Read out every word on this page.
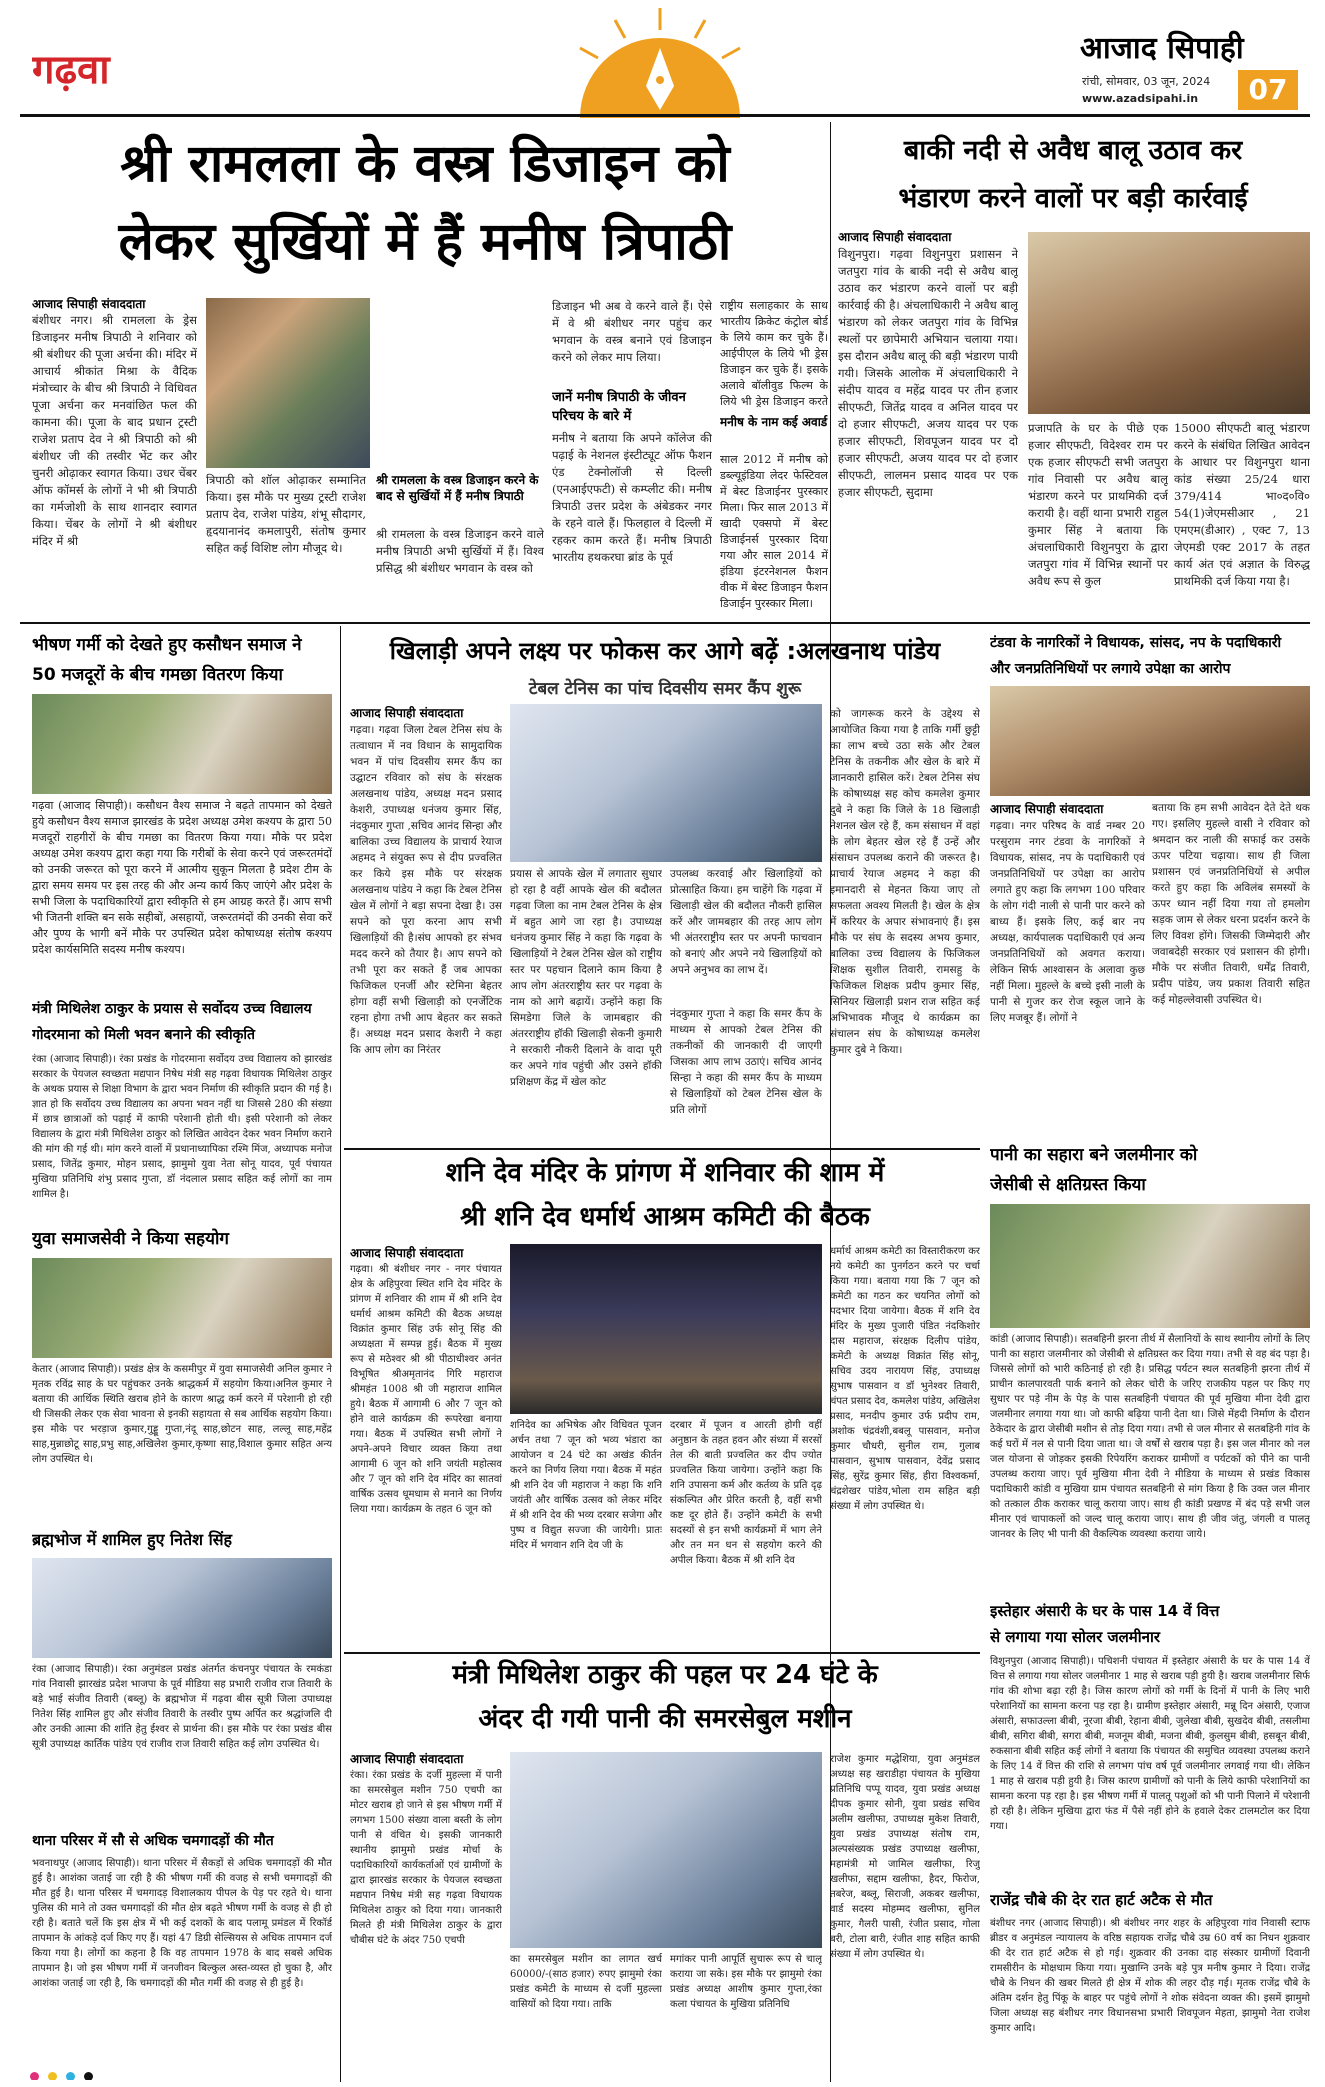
गढ़वा	आजाद सिपाही
रांची, सोमवार, 03 जून, 2024
www.azadsipahi.in	07
श्री रामलला के वस्त्र डिजाइन को
लेकर सुर्खियों में हैं मनीष त्रिपाठी
आजाद सिपाही संवाददाता
बंशीधर नगर। श्री रामलला के ड्रेस डिजाइनर मनीष त्रिपाठी ने शनिवार को श्री बंशीधर की पूजा अर्चना की। मंदिर में आचार्य श्रीकांत मिश्रा के वैदिक मंत्रोच्चार के बीच श्री त्रिपाठी ने विधिवत पूजा अर्चना कर मनवांछित फल की कामना की। पूजा के बाद प्रधान ट्रस्टी राजेश प्रताप देव ने श्री त्रिपाठी को श्री बंशीधर जी की तस्वीर भेंट कर और चुनरी ओढ़ाकर स्वागत किया। उधर चेंबर ऑफ कॉमर्स के लोगों ने भी श्री त्रिपाठी का गर्मजोशी के साथ शानदार स्वागत किया। चेंबर के लोगों ने श्री बंशीधर मंदिर में श्री
त्रिपाठी को शॉल ओढ़ाकर सम्मानित किया। इस मौके पर मुख्य ट्रस्टी राजेश प्रताप देव, राजेश पांडेय, शंभू सौदागर, हृदयानानंद कमलापुरी, संतोष कुमार सहित कई विशिष्ट लोग मौजूद थे।
श्री रामलला के वस्त्र डिजाइन करने के बाद से सुर्खियों में हैं मनीष त्रिपाठी
श्री रामलला के वस्त्र डिजाइन करने वाले मनीष त्रिपाठी अभी सुर्खियों में हैं। विश्व प्रसिद्ध श्री बंशीधर भगवान के वस्त्र को
डिजाइन भी अब वे करने वाले हैं। ऐसे में वे श्री बंशीधर नगर पहुंच कर भगवान के वस्त्र बनाने एवं डिजाइन करने को लेकर माप लिया।
जानें मनीष त्रिपाठी के जीवन परिचय के बारे में
मनीष ने बताया कि अपने कॉलेज की पढ़ाई के नेशनल इंस्टीट्यूट ऑफ फैशन एंड टेक्नोलॉजी से दिल्ली (एनआईएफटी) से कम्प्लीट की। मनीष त्रिपाठी उत्तर प्रदेश के अंबेडकर नगर के रहने वाले हैं। फिलहाल वे दिल्ली में रहकर काम करते हैं। मनीष त्रिपाठी भारतीय हथकरघा ब्रांड के पूर्व
राष्ट्रीय सलाहकार के साथ भारतीय क्रिकेट कंट्रोल बोर्ड के लिये काम कर चुके हैं। आईपीएल के लिये भी ड्रेस डिजाइन कर चुके हैं। इसके अलावे बॉलीवुड फिल्म के लिये भी ड्रेस डिजाइन करते
मनीष के नाम कई अवार्ड
साल 2012 में मनीष को डब्ल्यूइंडिया लेदर फेस्टिवल में बेस्ट डिजाईनर पुरस्कार मिला। फिर साल 2013 में खादी एक्सपो में बेस्ट डिजाईनर्स पुरस्कार दिया गया और साल 2014 में इंडिया इंटरनेशनल फैशन वीक में बेस्ट डिजाइन फैशन डिजाईन पुरस्कार मिला।
बाकी नदी से अवैध बालू उठाव कर
भंडारण करने वालों पर बड़ी कार्रवाई
आजाद सिपाही संवाददाता
विशुनपुरा। गढ़वा विशुनपुरा प्रशासन ने जतपुरा गांव के बाकी नदी से अवैध बालू उठाव कर भंडारण करने वालों पर बड़ी कार्रवाई की है। अंचलाधिकारी ने अवैध बालू भंडारण को लेकर जतपुरा गांव के विभिन्न स्थलों पर छापेमारी अभियान चलाया गया। इस दौरान अवैध बालू की बड़ी भंडारण पायी गयी। जिसके आलोक में अंचलाधिकारी ने संदीप यादव व महेंद्र यादव पर तीन हजार सीएफटी, जितेंद्र यादव व अनिल यादव पर दो हजार सीएफटी, अजय यादव पर एक हजार सीएफटी, शिवपूजन यादव पर दो हजार सीएफटी, अजय यादव पर दो हजार सीएफटी, लालमन प्रसाद यादव पर एक हजार सीएफटी, सुदामा
प्रजापति के घर के पीछे एक हजार सीएफटी, विदेश्वर राम पर एक हजार सीएफटी सभी जतपुरा गांव निवासी पर अवैध बालू भंडारण करने पर प्राथमिकी दर्ज करायी है। वहीं थाना प्रभारी राहुल कुमार सिंह ने बताया कि अंचलाधिकारी विशुनपुरा के द्वारा जतपुरा गांव में विभिन्न स्थानों पर अवैध रूप से कुल
15000 सीएफटी बालू भंडारण करने के संबंधित लिखित आवेदन के आधार पर विशुनपुरा थाना कांड संख्या 25/24 धारा 379/414 भा०द०वि० 54(1)जेएमसीआर , 21 एमएम(डीआर) , एक्ट 7, 13 जेएमडी एक्ट 2017 के तहत कार्य अंत एवं अज्ञात के विरुद्ध प्राथमिकी दर्ज किया गया है।
भीषण गर्मी को देखते हुए कसौधन समाज ने
50 मजदूरों के बीच गमछा वितरण किया
गढ़वा (आजाद सिपाही)। कसौधन वैश्य समाज ने बढ़ते तापमान को देखते हुये कसौधन वैश्य समाज झारखंड के प्रदेश अध्यक्ष उमेश कश्यप के द्वारा 50 मजदूरों राहगीरों के बीच गमछा का वितरण किया गया। मौके पर प्रदेश अध्यक्ष उमेश कश्यप द्वारा कहा गया कि गरीबों के सेवा करने एवं जरूरतमंदों को उनकी जरूरत को पूरा करने में आत्मीय सुकून मिलता है प्रदेश टीम के द्वारा समय समय पर इस तरह की और अन्य कार्य किए जाएंगे और प्रदेश के सभी जिला के पदाधिकारियों द्वारा स्वीकृति से हम आग्रह करते हैं। आप सभी भी जितनी शक्ति बन सके सहीबों, असहायों, जरूरतमंदों की उनकी सेवा करें और पुण्य के भागी बनें मौके पर उपस्थित प्रदेश कोषाध्यक्ष संतोष कश्यप प्रदेश कार्यसमिति सदस्य मनीष कश्यप।
खिलाड़ी अपने लक्ष्य पर फोकस कर आगे बढ़ें :अलखनाथ पांडेय
टेबल टेनिस का पांच दिवसीय समर कैंप शुरू
आजाद सिपाही संवाददाता
गढ़वा। गढ़वा जिला टेबल टेनिस संघ के तत्वाधान में नव विधान के सामुदायिक भवन में पांच दिवसीय समर कैंप का उद्घाटन रविवार को संघ के संरक्षक अलखनाथ पांडेय, अध्यक्ष मदन प्रसाद केशरी, उपाध्यक्ष धनंजय कुमार सिंह, नंदकुमार गुप्ता ,सचिव आनंद सिन्हा और बालिका उच्च विद्यालय के प्राचार्य रेयाज अहमद ने संयुक्त रूप से दीप प्रज्वलित कर किये इस मौके पर संरक्षक अलखनाथ पांडेय ने कहा कि टेबल टेनिस खेल में लोगों ने बड़ा सपना देखा है। उस सपने को पूरा करना आप सभी खिलाड़ियों की है।संघ आपको हर संभव मदद करने को तैयार है। आप सपने को तभी पूरा कर सकते हैं जब आपका फिजिकल एनर्जी और स्टेमिना बेहतर होगा वहीं सभी खिलाड़ी को एनर्जेटिक रहना होगा तभी आप बेहतर कर सकते हैं। अध्यक्ष मदन प्रसाद केशरी ने कहा कि आप लोग का निरंतर
प्रयास से आपके खेल में लगातार सुधार हो रहा है वहीं आपके खेल की बदौलत गढ़वा जिला का नाम टेबल टेनिस के क्षेत्र में बहुत आगे जा रहा है। उपाध्यक्ष धनंजय कुमार सिंह ने कहा कि गढ़वा के खिलाड़ियों ने टेबल टेनिस खेल को राष्ट्रीय स्तर पर पहचान दिलाने काम किया है आप लोग अंतरराष्ट्रीय स्तर पर गढ़वा के नाम को आगे बढ़ायें। उन्होंने कहा कि सिमडेगा जिले के जामबहार की अंतरराष्ट्रीय हॉकी खिलाड़ी सेकनी कुमारी ने सरकारी नौकरी दिलाने के वादा पूरी कर अपने गांव पहुंची और उसने हॉकी प्रशिक्षण केंद्र में खेल कोट
उपलब्ध करवाई और खिलाड़ियों को प्रोत्साहित किया। हम चाहेंगे कि गढ़वा में खिलाड़ी खेल की बदौलत नौकरी हासिल करें और जामबहार की तरह आप लोग भी अंतरराष्ट्रीय स्तर पर अपनी फाचवान को बनाएं और अपने नये खिलाड़ियों को अपने अनुभव का लाभ दें।
नंदकुमार गुप्ता ने कहा कि समर कैंप के माध्यम से आपको टेबल टेनिस की तकनीकों की जानकारी दी जाएगी जिसका आप लाभ उठाएं। सचिव आनंद सिन्हा ने कहा की समर कैंप के माध्यम से खिलाड़ियों को टेबल टेनिस खेल के प्रति लोगों
को जागरूक करने के उद्देश्य से आयोजित किया गया है ताकि गर्मी छुट्टी का लाभ बच्चे उठा सके और टेबल टेनिस के तकनीक और खेल के बारे में जानकारी हासिल करें। टेबल टेनिस संघ के कोषाध्यक्ष सह कोच कमलेश कुमार दुबे ने कहा कि जिले के 18 खिलाड़ी नेशनल खेल रहे हैं, कम संसाधन में वहां के लोग बेहतर खेल रहे हैं उन्हें और संसाधन उपलब्ध कराने की जरूरत है। प्राचार्य रेयाज अहमद ने कहा की इमानदारी से मेहनत किया जाए तो सफलता अवश्य मिलती है। खेल के क्षेत्र में करियर के अपार संभावनाएं हैं। इस मौके पर संघ के सदस्य अभय कुमार, बालिका उच्च विद्यालय के फिजिकल शिक्षक सुशील तिवारी, रामसहु के फिजिकल शिक्षक प्रदीप कुमार सिंह, सिनियर खिलाड़ी प्रशन राज सहित कई अभिभावक मौजूद थे कार्यक्रम का संचालन संघ के कोषाध्यक्ष कमलेश कुमार दुबे ने किया।
टंडवा के नागरिकों ने विधायक, सांसद, नप के पदाधिकारी
और जनप्रतिनिधियों पर लगाये उपेक्षा का आरोप
आजाद सिपाही संवाददाता
गढ़वा। नगर परिषद के वार्ड नम्बर 20 परसुराम नगर टंडवा के नागरिकों ने विधायक, सांसद, नप के पदाधिकारी एवं जनप्रतिनिधियों पर उपेक्षा का आरोप लगाते हुए कहा कि लगभग 100 परिवार के लोग गंदी नाली से पानी पार करने को बाध्य हैं। इसके लिए, कई बार नप अध्यक्ष, कार्यपालक पदाधिकारी एवं अन्य जनप्रतिनिधियों को अवगत कराया। लेकिन सिर्फ आश्वासन के अलावा कुछ नहीं मिला। मुहल्ले के बच्चे इसी नाली के पानी से गुजर कर रोज स्कूल जाने के लिए मजबूर हैं। लोगों ने
बताया कि हम सभी आवेदन देते देते थक गए। इसलिए मुहल्ले वासी ने रविवार को श्रमदान कर नाली की सफाई कर उसके ऊपर पटिया चढ़ाया। साथ ही जिला प्रशासन एवं जनप्रतिनिधियों से अपील करते हुए कहा कि अविलंब समस्यों के ऊपर ध्यान नहीं दिया गया तो हमलोग सड़क जाम से लेकर धरना प्रदर्शन करने के लिए विवश होंगे। जिसकी जिम्मेदारी और जवाबदेही सरकार एवं प्रशासन की होगी।मौके पर संजीत तिवारी, धर्मेंद्र तिवारी, प्रदीप पांडेय, जय प्रकाश तिवारी सहित कई मोहल्लेवासी उपस्थित थे।
मंत्री मिथिलेश ठाकुर के प्रयास से सर्वोदय उच्च विद्यालय
गोदरमाना को मिली भवन बनाने की स्वीकृति
रंका (आजाद सिपाही)। रंका प्रखंड के गोदरमाना सर्वोदय उच्च विद्यालय को झारखंड सरकार के पेयजल स्वच्छता मद्यपान निषेध मंत्री सह गढ़वा विधायक मिथिलेश ठाकुर के अथक प्रयास से शिक्षा विभाग के द्वारा भवन निर्माण की स्वीकृति प्रदान की गई है। ज्ञात हो कि सर्वोदय उच्च विद्यालय का अपना भवन नहीं था जिससे 280 की संख्या में छात्र छात्राओं को पढ़ाई में काफी परेशानी होती थी। इसी परेशानी को लेकर विद्यालय के द्वारा मंत्री मिथिलेश ठाकुर को लिखित आवेदन देकर भवन निर्माण कराने की मांग की गई थी। मांग करने वालों में प्रधानाध्यापिका रश्मि मिंज, अध्यापक मनोज प्रसाद, जितेंद्र कुमार, मोहन प्रसाद, झामुमो युवा नेता सोनू यादव, पूर्व पंचायत मुखिया प्रतिनिधि शंभु प्रसाद गुप्ता, डॉ नंदलाल प्रसाद सहित कई लोगों का नाम शामिल है।
युवा समाजसेवी ने किया सहयोग
केतार (आजाद सिपाही)। प्रखंड क्षेत्र के कसमीपुर में युवा समाजसेवी अनिल कुमार ने मृतक रविंद्र साह के घर पहुंचकर उनके श्राद्धकर्म में सहयोग किया।अनिल कुमार ने बताया की आर्थिक स्थिति खराब होने के कारण श्राद्ध कर्म करने में परेशानी हो रही थी जिसकी लेकर एक सेवा भावना से इनकी सहायता से सब आर्थिक सहयोग किया। इस मौके पर भरड़ाज कुमार,गुड्डू गुप्ता,नंदू साह,छोटन साह, लल्लू साह,महेंद्र साह,मुन्नाछोटू साह,प्रभु साह,अखिलेश कुमार,कृष्णा साह,विशाल कुमार सहित अन्य लोग उपस्थित थे।
ब्रह्मभोज में शामिल हुए नितेश सिंह
रंका (आजाद सिपाही)। रंका अनुमंडल प्रखंड अंतर्गत कंचनपुर पंचायत के रमकंडा गांव निवासी झारखंड प्रदेश भाजपा के पूर्व मीडिया सह प्रभारी राजीव राज तिवारी के बड़े भाई संजीव तिवारी (बब्लू) के ब्रह्मभोज में गढ़वा बीस सूत्री जिला उपाध्यक्ष नितेश सिंह शामिल हुए और संजीव तिवारी के तस्वीर पुष्प अर्पित कर श्रद्धांजलि दी और उनकी आत्मा की शांति हेतु ईश्वर से प्रार्थना की। इस मौके पर रंका प्रखंड बीस सूत्री उपाध्यक्ष कार्तिक पांडेय एवं राजीव राज तिवारी सहित कई लोग उपस्थित थे।
थाना परिसर में सौ से अधिक चमगादड़ों की मौत
भवनाथपुर (आजाद सिपाही)। थाना परिसर में सैकड़ों से अधिक चमगादड़ों की मौत हुई है। आशंका जताई जा रही है की भीषण गर्मी की वजह से सभी चमगादड़ों की मौत हुई है। थाना परिसर में चमगादड़ विशालकाय पीपल के पेड़ पर रहते थे। थाना पुलिस की माने तो उक्त चमगादड़ों की मौत क्षेत्र बढ़ते भीषण गर्मी के वजह से ही हो रही है। बताते चलें कि इस क्षेत्र में भी कई दशकों के बाद पलामू प्रमंडल में रिकॉर्ड तापमान के आंकड़े दर्ज किए गए हैं। यहां 47 डिग्री सेल्सियस से अधिक तापमान दर्ज किया गया है। लोगों का कहना है कि वह तापमान 1978 के बाद सबसे अधिक तापमान है। जो इस भीषण गर्मी में जनजीवन बिल्कुल अस्त-व्यस्त हो चुका है, और आशंका जताई जा रही है, कि चमगादड़ों की मौत गर्मी की वजह से ही हुई है।
शनि देव मंदिर के प्रांगण में शनिवार की शाम में
श्री शनि देव धर्मार्थ आश्रम कमिटी की बैठक
आजाद सिपाही संवाददाता
गढ़वा। श्री बंशीधर नगर - नगर पंचायत क्षेत्र के अहिपुरवा स्थित शनि देव मंदिर के प्रांगण में शनिवार की शाम में श्री शनि देव धर्मार्थ आश्रम कमिटी की बैठक अध्यक्ष विक्रांत कुमार सिंह उर्फ सोनू सिंह की अध्यक्षता में सम्पन्न हुई। बैठक में मुख्य रूप से मठेश्वर श्री श्री पीठाधीश्वर अनंत विभूषित श्रीअमृतानंद गिरि महाराज श्रीमहंत 1008 श्री जी महाराज शामिल हुये। बैठक में आगामी 6 और 7 जून को होने वाले कार्यक्रम की रूपरेखा बनाया गया। बैठक में उपस्थित सभी लोगों ने अपने-अपने विचार व्यक्त किया तथा आगामी 6 जून को शनि जयंती महोत्सव और 7 जून को शनि देव मंदिर का सातवां वार्षिक उत्सव धूमधाम से मनाने का निर्णय लिया गया। कार्यक्रम के तहत 6 जून को
शनिदेव का अभिषेक और विधिवत पूजन अर्चन तथा 7 जून को भव्य भंडारा का आयोजन व 24 घंटे का अखंड कीर्तन करने का निर्णय लिया गया। बैठक में महंत श्री शनि देव जी महाराज ने कहा कि शनि जयंती और वार्षिक उत्सव को लेकर मंदिर में श्री शनि देव की भव्य दरबार सजेगा और पुष्प व विद्युत सज्जा की जायेगी। प्रातः मंदिर में भगवान शनि देव जी के
दरबार में पूजन व आरती होगी वहीं अनुष्ठान के तहत हवन और संध्या में सरसों तेल की बाती प्रज्वलित कर दीप ज्योत प्रज्वलित किया जायेगा। उन्होंने कहा कि शनि उपासना कर्म और कर्तव्य के प्रति दृढ़ संकल्पित और प्रेरित करती है, वहीं सभी कष्ट दूर होते हैं। उन्होंने कमेटी के सभी सदस्यों से इन सभी कार्यक्रमों में भाग लेने और तन मन धन से सहयोग करने की अपील किया। बैठक में श्री शनि देव
धर्मार्थ आश्रम कमेटी का विस्तारीकरण कर नये कमेटी का पुनर्गठन करने पर चर्चा किया गया। बताया गया कि 7 जून को कमेटी का गठन कर चयनित लोगों को पदभार दिया जायेगा। बैठक में शनि देव मंदिर के मुख्य पुजारी पंडित नंदकिशोर दास महाराज, संरक्षक दिलीप पांडेय, कमेटी के अध्यक्ष विक्रांत सिंह सोनू, सचिव उदय नारायण सिंह, उपाध्यक्ष सुभाष पासवान व डॉ भुनेश्वर तिवारी, चंपत प्रसाद देव, कमलेश पांडेय, अखिलेश प्रसाद, मनदीप कुमार उर्फ प्रदीप राम, अशोक चंद्रवंशी,बबलू पासवान, मनोज कुमार चौधरी, सुनील राम, गुलाब पासवान, सुभाष पासवान, देवेंद्र प्रसाद सिंह, सुरेंद्र कुमार सिंह, हीरा विश्वकर्मा, चंद्रशेखर पांडेय,भोला राम सहित बड़ी संख्या में लोग उपस्थित थे।
पानी का सहारा बने जलमीनार को
जेसीबी से क्षतिग्रस्त किया
कांडी (आजाद सिपाही)। सतबहिनी झरना तीर्थ में सैलानियों के साथ स्थानीय लोगों के लिए पानी का सहारा जलमीनार को जेसीबी से क्षतिग्रस्त कर दिया गया। तभी से वह बंद पड़ा है। जिससे लोगों को भारी कठिनाई हो रही है। प्रसिद्ध पर्यटन स्थल सतबहिनी झरना तीर्थ में प्राचीन कालपारवती पार्क बनाने को लेकर चोरी के जरिए राजकीय पहल पर किए गए सुधार पर पड़े नीम के पेड़ के पास सतबहिनी पंचायत की पूर्व मुखिया मीना देवी द्वारा जलमीनार लगाया गया था। जो काफी बढ़िया पानी देता था। जिसे मेंहदी निर्माण के दौरान ठेकेदार के द्वारा जेसीबी मशीन से तोड़ दिया गया। तभी से जल मीनार से सतबहिनी गांव के कई घरों में नल से पानी दिया जाता था। जे वर्षों से खराब पड़ा है। इस जल मीनार को नल जल योजना से जोड़कर इसकी रिपेयरिंग कराकर ग्रामीणों व पर्यटकों को पीने का पानी उपलब्ध कराया जाए। पूर्व मुखिया मीना देवी ने मीडिया के माध्यम से प्रखंड विकास पदाधिकारी कांडी व मुखिया ग्राम पंचायत सतबहिनी से मांग किया है कि उक्त जल मीनार को तत्काल ठीक कराकर चालू कराया जाए। साथ ही कांडी प्रखण्ड में बंद पड़े सभी जल मीनार एवं चापाकलों को जल्द चालू कराया जाए। साथ ही जीव जंतु, जंगली व पालतू जानवर के लिए भी पानी की वैकल्पिक व्यवस्था कराया जाये।
मंत्री मिथिलेश ठाकुर की पहल पर 24 घंटे के
अंदर दी गयी पानी की समरसेबुल मशीन
आजाद सिपाही संवाददाता
रंका। रंका प्रखंड के दर्जी मुहल्ला में पानी का समरसेबुल मशीन 750 एचपी का मोटर खराब हो जाने से इस भीषण गर्मी में लगभग 1500 संख्या वाला बस्ती के लोग पानी से वंचित थे। इसकी जानकारी स्थानीय झामुमो प्रखंड मोर्चा के पदाधिकारियों कार्यकर्ताओं एवं ग्रामीणों के द्वारा झारखंड सरकार के पेयजल स्वच्छता मद्यपान निषेध मंत्री सह गढ़वा विधायक मिथिलेश ठाकुर को दिया गया। जानकारी मिलते ही मंत्री मिथिलेश ठाकुर के द्वारा चौबीस घंटे के अंदर 750 एचपी
का समरसेबुल मशीन का लागत खर्च 60000/-(साठ हजार) रुपए झामुमो रंका प्रखंड कमेटी के माध्यम से दर्जी मुहल्ला वासियों को दिया गया। ताकि
मगांकर पानी आपूर्ति सुचारू रूप से चालू कराया जा सके। इस मौके पर झामुमो रंका प्रखंड अध्यक्ष आशीष कुमार गुप्ता,रंका कला पंचायत के मुखिया प्रतिनिधि
राजेश कुमार मद्धेशिया, युवा अनुमंडल अध्यक्ष सह खराडीहा पंचायत के मुखिया प्रतिनिधि पप्पू यादव, युवा प्रखंड अध्यक्ष दीपक कुमार सोनी, युवा प्रखंड सचिव अलीम खलीफा, उपाध्यक्ष मुकेश तिवारी, युवा प्रखंड उपाध्यक्ष संतोष राम, अल्पसंख्यक प्रखंड उपाध्यक्ष खलीफा, महामंत्री मो जामिल खलीफा, रिजु खलीफा, सद्दाम खलीफा, हैदर, फिरोज, तबरेज, बब्लू, सिराजी, अकबर खलीफा, वार्ड सदस्य मोहम्मद खलीफा, सुनिल कुमार, गैलरी पासी, रंजीत प्रसाद, गोला बरी, टोला बारी, रंजीत शाह सहित काफी संख्या में लोग उपस्थित थे।
इस्तेहार अंसारी के घर के पास 14 वें वित्त
से लगाया गया सोलर जलमीनार
विशुनपुरा (आजाद सिपाही)। पचिशनी पंचायत में इस्तेहार अंसारी के घर के पास 14 वें वित्त से लगाया गया सोलर जलमीनार 1 माह से खराब पड़ी हुयी है। खराब जलमीनार सिर्फ गांव की शोभा बढ़ा रही है। जिस कारण लोगों को गर्मी के दिनों में पानी के लिए भारी परेशानियों का सामना करना पड़ रहा है। ग्रामीण इस्तेहार अंसारी, मन्नू दिन अंसारी, एजाज अंसारी, सफाउल्ला बीबी, नूरजा बीबी, रेहाना बीबी, जुलेखा बीबी, सुखदेव बीबी, तसलीमा बीबी, सगिरा बीबी, सगरा बीबी, मजनूम बीबी, मजना बीबी, कुलसुम बीबी, हसबून बीबी, रुकसाना बीबी सहित कई लोगों ने बताया कि पंचायत की समुचित व्यवस्था उपलब्ध कराने के लिए 14 वें वित्त की राशि से लगभग पांच वर्ष पूर्व जलमीनार लगवाई गया थी। लेकिन 1 माह से खराब पड़ी हुयी है। जिस कारण ग्रामीणों को पानी के लिये काफी परेशानियों का सामना करना पड़ रहा है। इस भीषण गर्मी में पालतू पशुओं को भी पानी पिलाने में परेशानी हो रही है। लेकिन मुखिया द्वारा फंड में पैसे नहीं होने के हवाले देकर टालमटोल कर दिया गया।
राजेंद्र चौबे की देर रात हार्ट अटैक से मौत
बंशीधर नगर (आजाद सिपाही)। श्री बंशीधर नगर शहर के अहिपुरवा गांव निवासी स्टाफ ब्रीडर व अनुमंडल न्यायालय के वरिष्ठ सहायक राजेंद्र चौबे उम्र 60 वर्ष का निधन शुक्रवार की देर रात हार्ट अटैक से हो गई। शुक्रवार की उनका दाह संस्कार ग्रामीणों दिवानी रामसीरीन के मोक्षधाम किया गया। मुखाग्नि उनके बड़े पुत्र मनीष कुमार ने दिया। राजेंद्र चौबे के निधन की खबर मिलते ही क्षेत्र में शोक की लहर दौड़ गई। मृतक राजेंद्र चौबे के अंतिम दर्शन हेतु पिंकू के बाहर पर पहुंचे लोगों ने शोक संवेदना व्यक्त की। इसमें झामुमो जिला अध्यक्ष सह बंशीधर नगर विधानसभा प्रभारी शिवपूजन मेहता, झामुमो नेता राजेश कुमार आदि।
